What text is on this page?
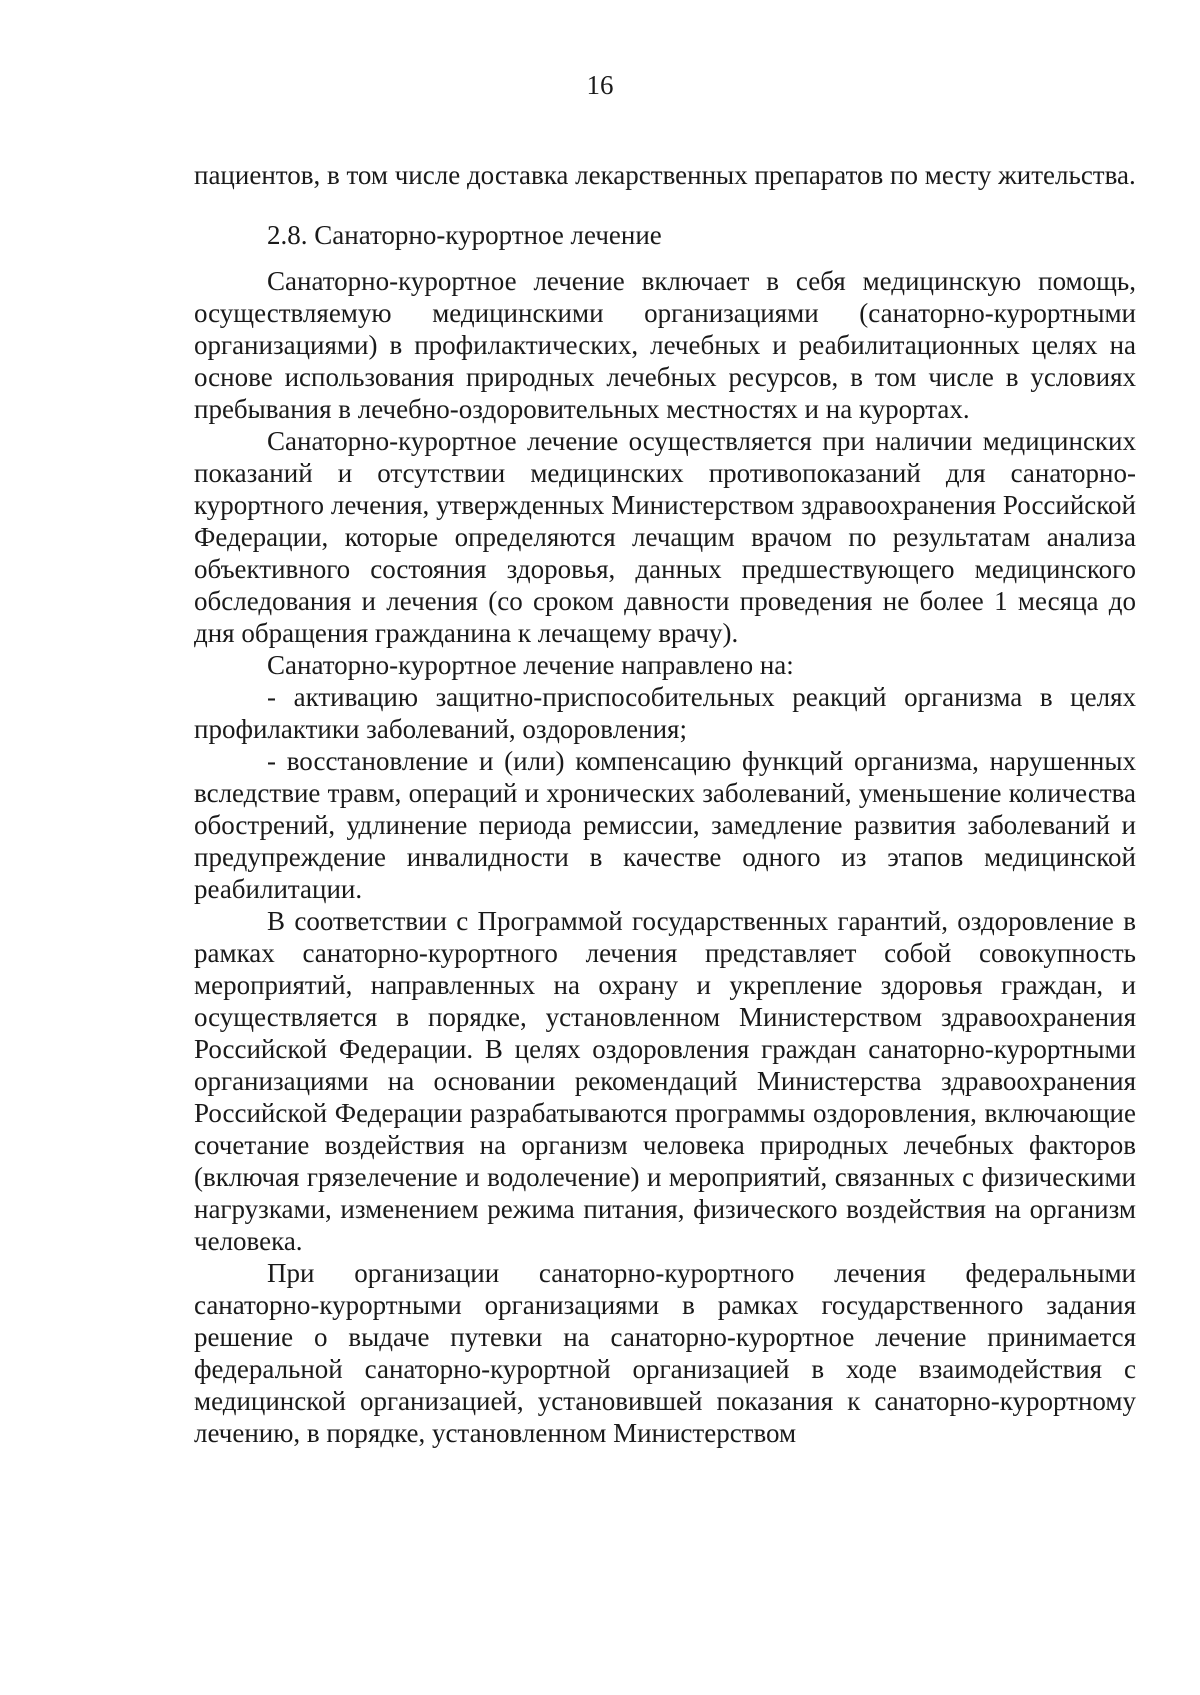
16

пациентов, в том числе доставка лекарственных препаратов по месту жительства.

2.8. Санаторно-курортное лечение

Санаторно-курортное лечение включает в себя медицинскую помощь, осуществляемую медицинскими организациями (санаторно-курортными организациями) в профилактических, лечебных и реабилитационных целях на основе использования природных лечебных ресурсов, в том числе в условиях пребывания в лечебно-оздоровительных местностях и на курортах.

Санаторно-курортное лечение осуществляется при наличии медицинских показаний и отсутствии медицинских противопоказаний для санаторно-курортного лечения, утвержденных Министерством здравоохранения Российской Федерации, которые определяются лечащим врачом по результатам анализа объективного состояния здоровья, данных предшествующего медицинского обследования и лечения (со сроком давности проведения не более 1 месяца до дня обращения гражданина к лечащему врачу).

Санаторно-курортное лечение направлено на:

- активацию защитно-приспособительных реакций организма в целях профилактики заболеваний, оздоровления;

- восстановление и (или) компенсацию функций организма, нарушенных вследствие травм, операций и хронических заболеваний, уменьшение количества обострений, удлинение периода ремиссии, замедление развития заболеваний и предупреждение инвалидности в качестве одного из этапов медицинской реабилитации.

В соответствии с Программой государственных гарантий, оздоровление в рамках санаторно-курортного лечения представляет собой совокупность мероприятий, направленных на охрану и укрепление здоровья граждан, и осуществляется в порядке, установленном Министерством здравоохранения Российской Федерации. В целях оздоровления граждан санаторно-курортными организациями на основании рекомендаций Министерства здравоохранения Российской Федерации разрабатываются программы оздоровления, включающие сочетание воздействия на организм человека природных лечебных факторов (включая грязелечение и водолечение) и мероприятий, связанных с физическими нагрузками, изменением режима питания, физического воздействия на организм человека.

При организации санаторно-курортного лечения федеральными санаторно-курортными организациями в рамках государственного задания решение о выдаче путевки на санаторно-курортное лечение принимается федеральной санаторно-курортной организацией в ходе взаимодействия с медицинской организацией, установившей показания к санаторно-курортному лечению, в порядке, установленном Министерством
